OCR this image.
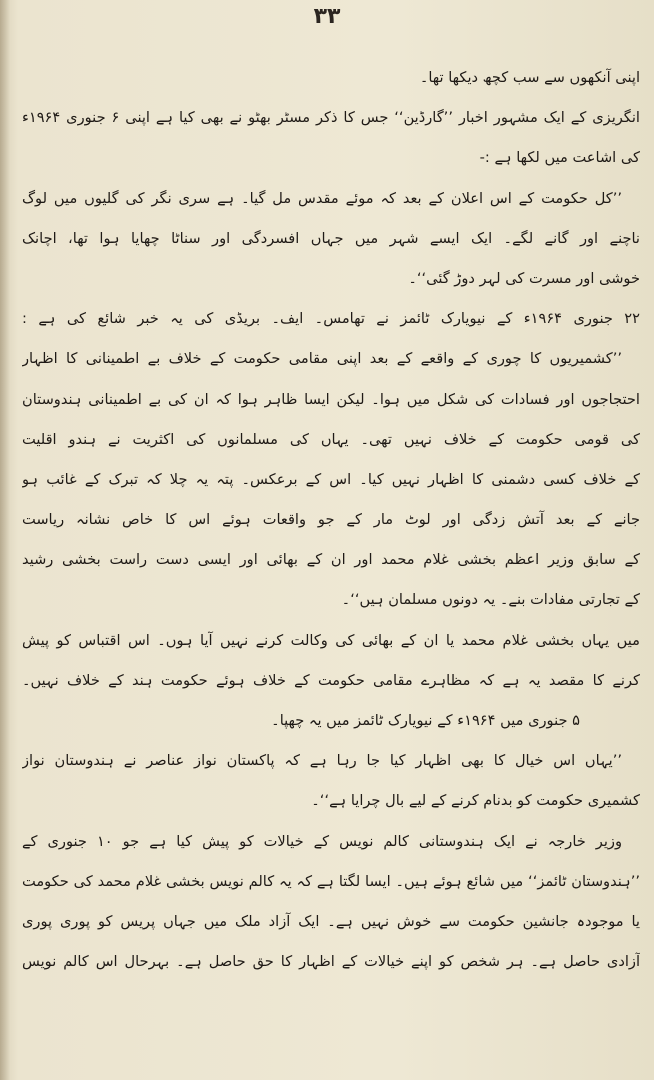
۳۳
اپنی آنکھوں سے سب کچھ دیکھا تھا۔
انگریزی کے ایک مشہور اخبار ’’گارڈین‘‘ جس کا ذکر مسٹر بھٹو نے بھی کیا ہے اپنی ۶ جنوری ۱۹۶۴ء
کی اشاعت میں لکھا ہے :-
’’کل حکومت کے اس اعلان کے بعد کہ موئے مقدس مل گیا۔ ہے سری نگر کی گلیوں میں لوگ
ناچنے اور گانے لگے۔ ایک ایسے شہر میں جہاں افسردگی اور سناٹا چھایا ہوا تھا، اچانک
خوشی اور مسرت کی لہر دوڑ گئی‘‘۔
۲۲ جنوری ۱۹۶۴ء کے نیویارک ٹائمز نے تھامس۔ ایف۔ بریڈی کی یہ خبر شائع کی ہے :
’’کشمیریوں کا چوری کے واقعے کے بعد اپنی مقامی حکومت کے خلاف بے اطمینانی کا اظہار
احتجاجوں اور فسادات کی شکل میں ہوا۔ لیکن ایسا ظاہر ہوا کہ ان کی بے اطمینانی ہندوستان
کی قومی حکومت کے خلاف نہیں تھی۔ یہاں کی مسلمانوں کی اکثریت نے ہندو اقلیت
کے خلاف کسی دشمنی کا اظہار نہیں کیا۔ اس کے برعکس۔ پتہ یہ چلا کہ تبرک کے غائب ہو
جانے کے بعد آتش زدگی اور لوٹ مار کے جو واقعات ہوئے اس کا خاص نشانہ ریاست
کے سابق وزیر اعظم بخشی غلام محمد اور ان کے بھائی اور ایسی دست راست بخشی رشید
کے تجارتی مفادات بنے۔ یہ دونوں مسلمان ہیں‘‘۔
میں یہاں بخشی غلام محمد یا ان کے بھائی کی وکالت کرنے نہیں آیا ہوں۔ اس اقتباس کو پیش
کرنے کا مقصد یہ ہے کہ مظاہرے مقامی حکومت کے خلاف ہوئے حکومت ہند کے خلاف نہیں۔
۵ جنوری میں ۱۹۶۴ء کے نیویارک ٹائمز میں یہ چھپا۔
’’یہاں اس خیال کا بھی اظہار کیا جا رہا ہے کہ پاکستان نواز عناصر نے ہندوستان نواز
کشمیری حکومت کو بدنام کرنے کے لیے بال چرایا ہے‘‘۔
وزیر خارجہ نے ایک ہندوستانی کالم نویس کے خیالات کو پیش کیا ہے جو ۱۰ جنوری کے
’’ہندوستان ٹائمز‘‘ میں شائع ہوئے ہیں۔ ایسا لگتا ہے کہ یہ کالم نویس بخشی غلام محمد کی حکومت
یا موجودہ جانشین حکومت سے خوش نہیں ہے۔ ایک آزاد ملک میں جہاں پریس کو پوری پوری
آزادی حاصل ہے۔ ہر شخص کو اپنے خیالات کے اظہار کا حق حاصل ہے۔ بہرحال اس کالم نویس
